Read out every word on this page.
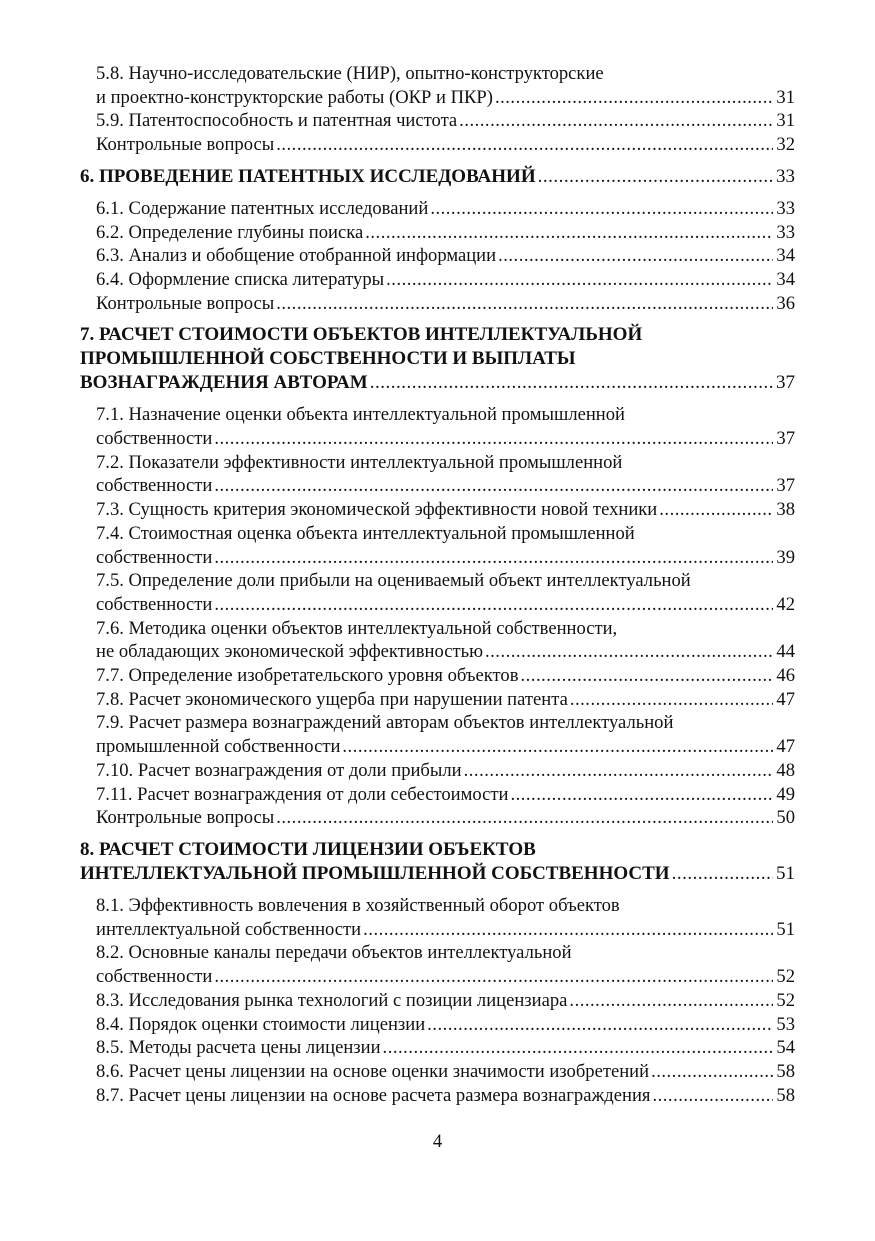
5.8. Научно-исследовательские (НИР), опытно-конструкторские
и проектно-конструкторские работы (ОКР и ПКР) .....	31
5.9. Патентоспособность и патентная чистота .....	31
Контрольные вопросы .....	32
6. ПРОВЕДЕНИЕ ПАТЕНТНЫХ ИССЛЕДОВАНИЙ .....	33
6.1. Содержание патентных исследований .....	33
6.2. Определение глубины поиска .....	33
6.3. Анализ и обобщение отобранной информации .....	34
6.4. Оформление списка литературы .....	34
Контрольные вопросы .....	36
7. РАСЧЕТ СТОИМОСТИ ОБЪЕКТОВ ИНТЕЛЛЕКТУАЛЬНОЙ
ПРОМЫШЛЕННОЙ СОБСТВЕННОСТИ И ВЫПЛАТЫ
ВОЗНАГРАЖДЕНИЯ АВТОРАМ .....	37
7.1. Назначение оценки объекта интеллектуальной промышленной
собственности .....	37
7.2. Показатели эффективности интеллектуальной промышленной
собственности .....	37
7.3. Сущность критерия экономической эффективности новой техники .....	38
7.4. Стоимостная оценка объекта интеллектуальной промышленной
собственности .....	39
7.5. Определение доли прибыли на оцениваемый объект интеллектуальной
собственности .....	42
7.6. Методика оценки объектов интеллектуальной собственности,
не обладающих экономической эффективностью .....	44
7.7. Определение изобретательского уровня объектов .....	46
7.8. Расчет экономического ущерба при нарушении патента .....	47
7.9. Расчет размера вознаграждений авторам объектов интеллектуальной
промышленной собственности .....	47
7.10. Расчет вознаграждения от доли прибыли .....	48
7.11. Расчет вознаграждения от доли себестоимости .....	49
Контрольные вопросы .....	50
8. РАСЧЕТ СТОИМОСТИ ЛИЦЕНЗИИ ОБЪЕКТОВ
ИНТЕЛЛЕКТУАЛЬНОЙ ПРОМЫШЛЕННОЙ СОБСТВЕННОСТИ .....	51
8.1. Эффективность вовлечения в хозяйственный оборот объектов
интеллектуальной собственности .....	51
8.2. Основные каналы передачи объектов интеллектуальной
собственности .....	52
8.3. Исследования рынка технологий с позиции лицензиара .....	52
8.4. Порядок оценки стоимости лицензии .....	53
8.5. Методы расчета цены лицензии .....	54
8.6. Расчет цены лицензии на основе оценки значимости изобретений .....	58
8.7. Расчет цены лицензии на основе расчета размера вознаграждения .....	58
4
